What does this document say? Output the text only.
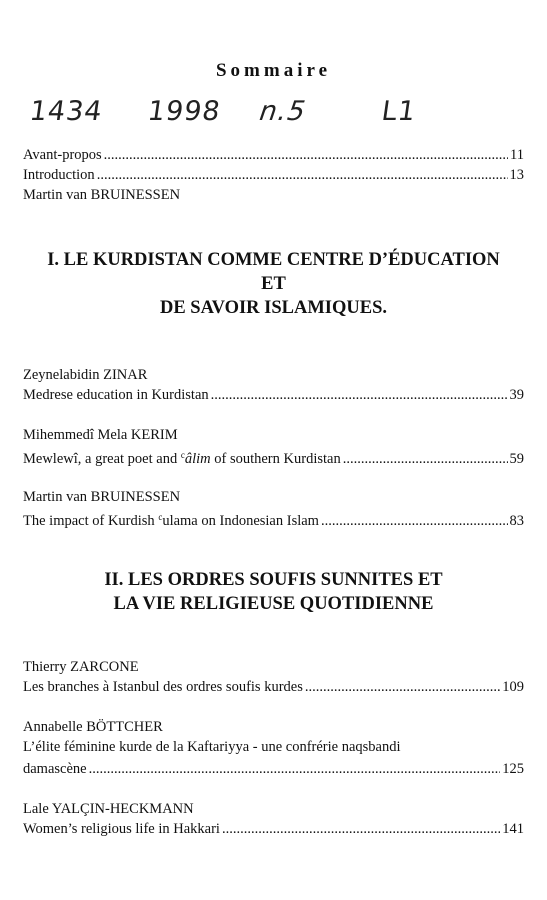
Sommaire
1434 1998 n.5	L1
Avant-propos .....	11
Introduction .....	13
Martin van BRUINESSEN
I. LE KURDISTAN COMME CENTRE D’ÉDUCATION
ET
DE SAVOIR ISLAMIQUES.
Zeynelabidin ZINAR
Medrese education in Kurdistan .....	39
Mihemmedî Mela KERIM
Mewlewî, a great poet and $^c$âlim of southern Kurdistan .....	59
Martin van BRUINESSEN
The impact of Kurdish $^c$ulama on Indonesian Islam .....	83
II. LES ORDRES SOUFIS SUNNITES ET
LA VIE RELIGIEUSE QUOTIDIENNE
Thierry ZARCONE
Les branches à Istanbul des ordres soufis kurdes .....	109
Annabelle BÖTTCHER
L’élite féminine kurde de la Kaftariyya - une confrérie naqsbandi
damascène .....	125
Lale YALÇIN-HECKMANN
Women’s religious life in Hakkari .....	141
